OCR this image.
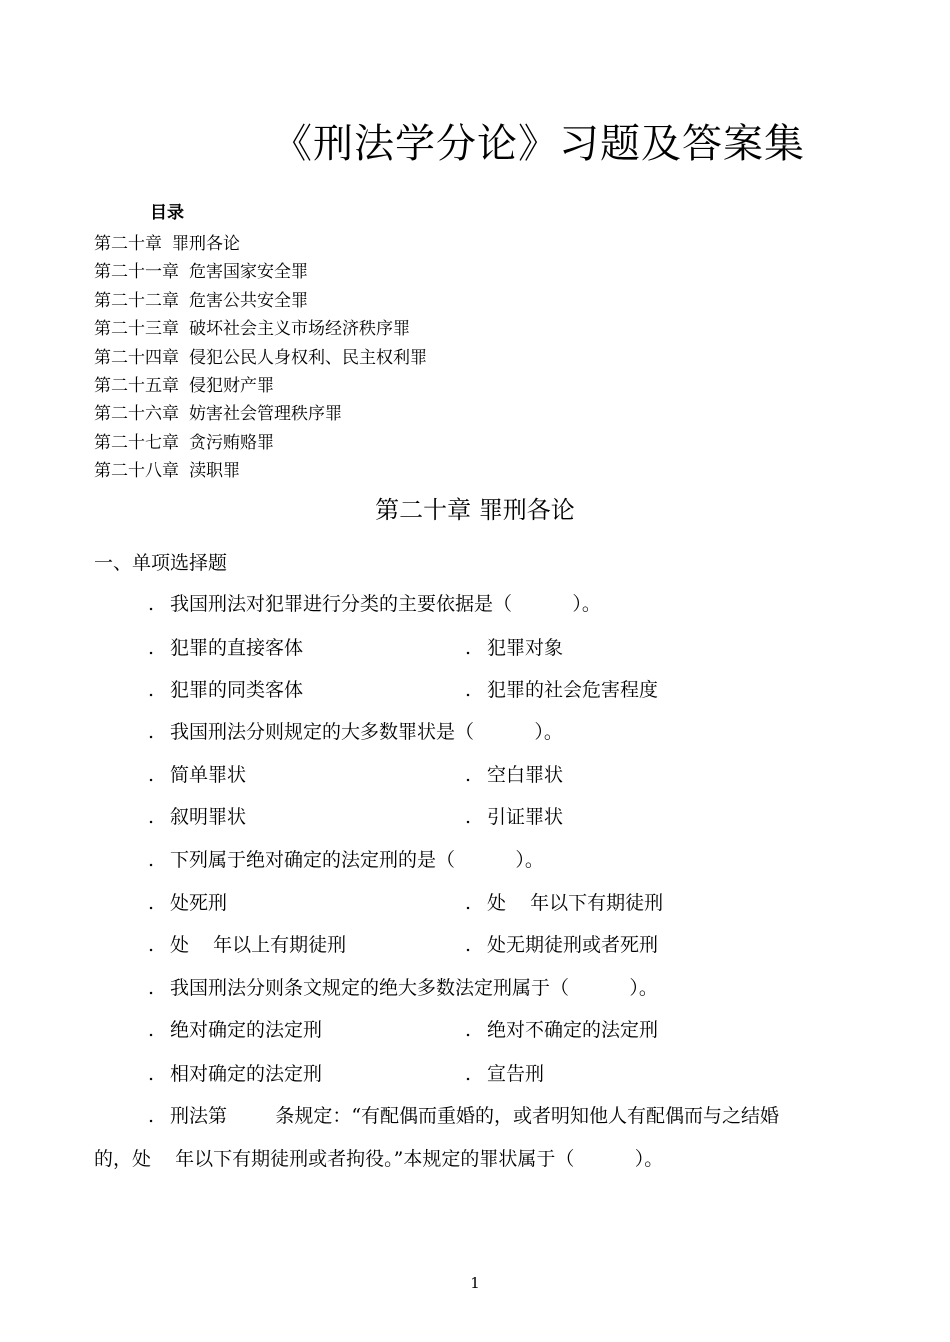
《刑法学分论》习题及答案集
目录
第二十章 罪刑各论
第二十一章 危害国家安全罪
第二十二章 危害公共安全罪
第二十三章 破坏社会主义市场经济秩序罪
第二十四章 侵犯公民人身权利、民主权利罪
第二十五章 侵犯财产罪
第二十六章 妨害社会管理秩序罪
第二十七章 贪污贿赂罪
第二十八章 渎职罪
第二十章 罪刑各论
一、单项选择题
. 我国刑法对犯罪进行分类的主要依据是（          ）。
. 犯罪的直接客体	. 犯罪对象
. 犯罪的同类客体	. 犯罪的社会危害程度
. 我国刑法分则规定的大多数罪状是（          ）。
. 简单罪状	. 空白罪状
. 叙明罪状	. 引证罪状
. 下列属于绝对确定的法定刑的是（          ）。
. 处死刑	. 处    年以下有期徒刑
. 处    年以上有期徒刑	. 处无期徒刑或者死刑
. 我国刑法分则条文规定的绝大多数法定刑属于（          ）。
. 绝对确定的法定刑	. 绝对不确定的法定刑
. 相对确定的法定刑	. 宣告刑
. 刑法第        条规定：“有配偶而重婚的，或者明知他人有配偶而与之结婚
的，处    年以下有期徒刑或者拘役。”本规定的罪状属于（          ）。
1
